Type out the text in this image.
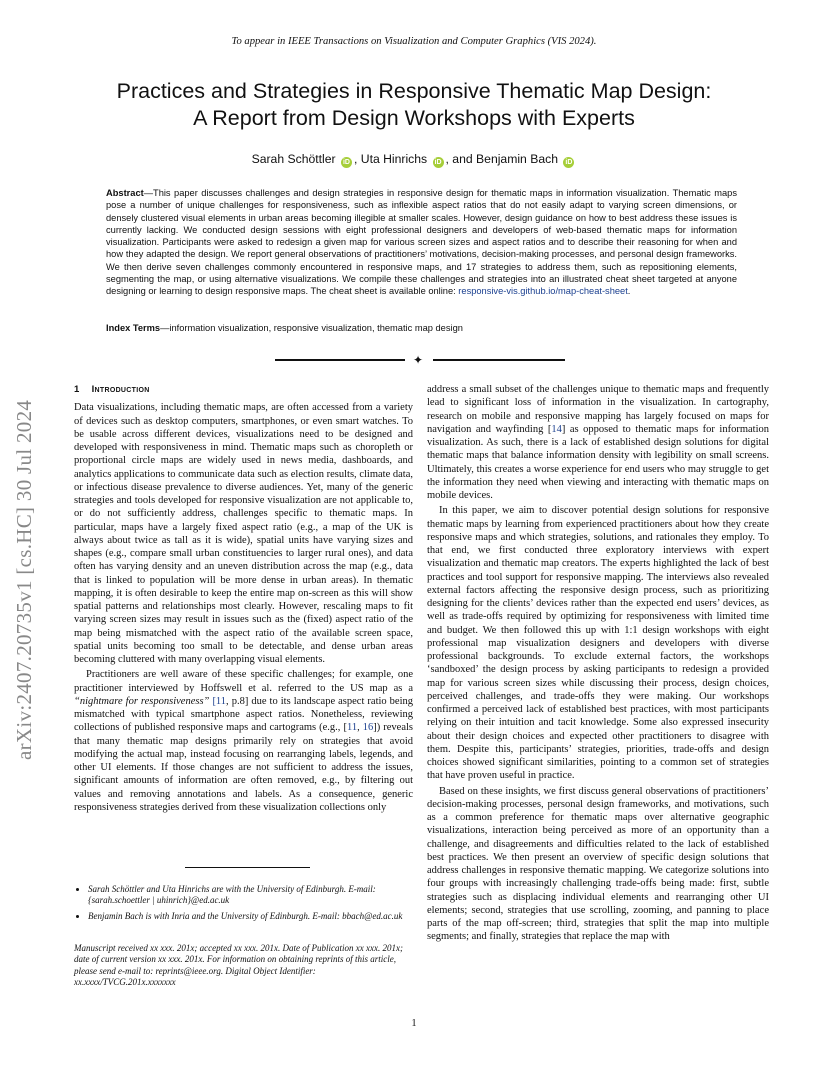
To appear in IEEE Transactions on Visualization and Computer Graphics (VIS 2024).
Practices and Strategies in Responsive Thematic Map Design:
A Report from Design Workshops with Experts
Sarah Schöttler iD , Uta Hinrichs iD , and Benjamin Bach iD
Abstract—This paper discusses challenges and design strategies in responsive design for thematic maps in information visualization. Thematic maps pose a number of unique challenges for responsiveness, such as inflexible aspect ratios that do not easily adapt to varying screen dimensions, or densely clustered visual elements in urban areas becoming illegible at smaller scales. However, design guidance on how to best address these issues is currently lacking. We conducted design sessions with eight professional designers and developers of web-based thematic maps for information visualization. Participants were asked to redesign a given map for various screen sizes and aspect ratios and to describe their reasoning for when and how they adapted the design. We report general observations of practitioners’ motivations, decision-making processes, and personal design frameworks. We then derive seven challenges commonly encountered in responsive maps, and 17 strategies to address them, such as repositioning elements, segmenting the map, or using alternative visualizations. We compile these challenges and strategies into an illustrated cheat sheet targeted at anyone designing or learning to design responsive maps. The cheat sheet is available online: responsive-vis.github.io/map-cheat-sheet.
Index Terms—information visualization, responsive visualization, thematic map design
✦
arXiv:2407.20735v1 [cs.HC] 30 Jul 2024
1 Introduction

Data visualizations, including thematic maps, are often accessed from a variety of devices such as desktop computers, smartphones, or even smart watches. To be usable across different devices, visualizations need to be designed and developed with responsiveness in mind. Thematic maps such as choropleth or proportional circle maps are widely used in news media, dashboards, and analytics applications to communicate data such as election results, climate data, or infectious disease prevalence to diverse audiences. Yet, many of the generic strategies and tools developed for responsive visualization are not applicable to, or do not sufficiently address, challenges specific to thematic maps. In particular, maps have a largely fixed aspect ratio (e.g., a map of the UK is always about twice as tall as it is wide), spatial units have varying sizes and shapes (e.g., compare small urban constituencies to larger rural ones), and data often has varying density and an uneven distribution across the map (e.g., data that is linked to population will be more dense in urban areas). In thematic mapping, it is often desirable to keep the entire map on-screen as this will show spatial patterns and relationships most clearly. However, rescaling maps to fit varying screen sizes may result in issues such as the (fixed) aspect ratio of the map being mismatched with the aspect ratio of the available screen space, spatial units becoming too small to be detectable, and dense urban areas becoming cluttered with many overlapping visual elements.

Practitioners are well aware of these specific challenges; for example, one practitioner interviewed by Hoffswell et al. referred to the US map as a “nightmare for responsiveness” [11, p.8] due to its landscape aspect ratio being mismatched with typical smartphone aspect ratios. Nonetheless, reviewing collections of published responsive maps and cartograms (e.g., [11, 16]) reveals that many thematic map designs primarily rely on strategies that avoid modifying the actual map, instead focusing on rearranging labels, legends, and other UI elements. If those changes are not sufficient to address the issues, significant amounts of information are often removed, e.g., by filtering out values and removing annotations and labels. As a consequence, generic responsiveness strategies derived from these visualization collections only

• Sarah Schöttler and Uta Hinrichs are with the University of Edinburgh. E-mail: {sarah.schoettler | uhinrich}@ed.ac.uk
• Benjamin Bach is with Inria and the University of Edinburgh. E-mail: bbach@ed.ac.uk
Manuscript received xx xxx. 201x; accepted xx xxx. 201x. Date of Publication xx xxx. 201x; date of current version xx xxx. 201x. For information on obtaining reprints of this article, please send e-mail to: reprints@ieee.org. Digital Object Identifier: xx.xxxx/TVCG.201x.xxxxxxx

address a small subset of the challenges unique to thematic maps and frequently lead to significant loss of information in the visualization. In cartography, research on mobile and responsive mapping has largely focused on maps for navigation and wayfinding [14] as opposed to thematic maps for information visualization. As such, there is a lack of established design solutions for digital thematic maps that balance information density with legibility on small screens. Ultimately, this creates a worse experience for end users who may struggle to get the information they need when viewing and interacting with thematic maps on mobile devices.

In this paper, we aim to discover potential design solutions for responsive thematic maps by learning from experienced practitioners about how they create responsive maps and which strategies, solutions, and rationales they employ. To that end, we first conducted three exploratory interviews with expert visualization and thematic map creators. The experts highlighted the lack of best practices and tool support for responsive mapping. The interviews also revealed external factors affecting the responsive design process, such as prioritizing designing for the clients’ devices rather than the expected end users’ devices, as well as trade-offs required by optimizing for responsiveness with limited time and budget. We then followed this up with 1:1 design workshops with eight professional map visualization designers and developers with diverse professional backgrounds. To exclude external factors, the workshops ‘sandboxed’ the design process by asking participants to redesign a provided map for various screen sizes while discussing their process, design choices, perceived challenges, and trade-offs they were making. Our workshops confirmed a perceived lack of established best practices, with most participants relying on their intuition and tacit knowledge. Some also expressed insecurity about their design choices and expected other practitioners to disagree with them. Despite this, participants’ strategies, priorities, trade-offs and design choices showed significant similarities, pointing to a common set of strategies that have proven useful in practice.

Based on these insights, we first discuss general observations of practitioners’ decision-making processes, personal design frameworks, and motivations, such as a common preference for thematic maps over alternative geographic visualizations, interaction being perceived as more of an opportunity than a challenge, and disagreements and difficulties related to the lack of established best practices. We then present an overview of specific design solutions that address challenges in responsive thematic mapping. We categorize solutions into four groups with increasingly challenging trade-offs being made: first, subtle strategies such as displacing individual elements and rearranging other UI elements; second, strategies that use scrolling, zooming, and panning to place parts of the map off-screen; third, strategies that split the map into multiple segments; and finally, strategies that replace the map with

1
